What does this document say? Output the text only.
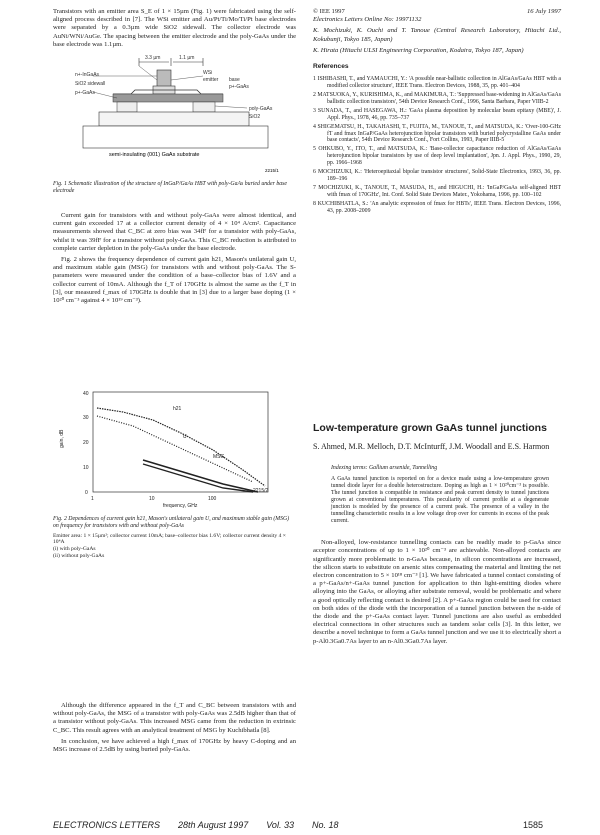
Transistors with an emitter area S_E of 1 × 15µm (Fig. 1) were fabricated using the self-aligned process described in [7]. The WSi emitter and Au/Pt/Ti/Mo/Ti/Pt base electrodes were separated by a 0.3µm wide SiO2 sidewall. The collector electrode was AuNi/WNi/AuGe. The spacing between the emitter electrode and the poly-GaAs under the base electrode was 1.1µm.

3.3 µm	1.1 µm
n+-InGaAs
SiO2 sidewall
p+-GaAs
WSi
emitter base
p+-GaAs
poly-GaAs
SiO2
semi-insulating (001) GaAs substrate
2215/1
Fig. 1 Schematic illustration of the structure of InGaP/GaAs HBT with poly-GaAs buried under base electrode

Current gain for transistors with and without poly-GaAs were almost identical, and current gain exceeded 17 at a collector current density of 4 × 10⁴ A/cm². Capacitance measurements showed that C_BC at zero bias was 34fF for a transistor with poly-GaAs, whilst it was 39fF for a transistor without poly-GaAs. This C_BC reduction is attributed to complete carrier depletion in the poly-GaAs under the base electrode.

Fig. 2 shows the frequency dependence of current gain h21, Mason's unilateral gain U, and maximum stable gain (MSG) for transistors with and without poly-GaAs. The S-parameters were measured under the condition of a base–collector bias of 1.6V and a collector current of 10mA. Although the f_T of 170GHz is almost the same as the f_T in [3], our measured f_max of 170GHz is double that in [3] due to a larger base doping (1 × 10²⁰ cm⁻³ against 4 × 10¹⁹ cm⁻³).

40
30
20
10
0
1	10	100
frequency, GHz
gain, dB
h21
U
MSG
2215/2
Fig. 2 Dependences of current gain h21, Mason's unilateral gain U, and maximum stable gain (MSG) on frequency for transistors with and without poly-GaAs
Emitter area: 1 × 15µm²; collector current 10mA; base–collector bias 1.6V; collector current density 4 × 10⁴A
(i) with poly-GaAs
(ii) without poly-GaAs

Although the difference appeared in the f_T and C_BC between transistors with and without poly-GaAs, the MSG of a transistor with poly-GaAs was 2.5dB higher than that of a transistor without poly-GaAs. This increased MSG came from the reduction in extrinsic C_BC. This result agrees with an analytical treatment of MSG by Kuchibhatla [8].

In conclusion, we have achieved a high f_max of 170GHz by heavy C-doping and an MSG increase of 2.5dB by using buried poly-GaAs.

© IEE 1997	16 July 1997

Electronics Letters Online No: 19971132

K. Mochizuki, K. Ouchi and T. Tanoue (Central Research Laboratory, Hitachi Ltd., Kokubunji, Tokyo 185, Japan)

K. Hirata (Hitachi ULSI Engineering Corporation, Kodaira, Tokyo 187, Japan)

References

1 ISHIBASHI, T., and YAMAUCHI, Y.: 'A possible near-ballistic collection in AlGaAs/GaAs HBT with a modified collector structure', IEEE Trans. Electron Devices, 1988, 35, pp. 401–404
2 MATSUOKA, Y., KURISHIMA, K., and MAKIMURA, T.: 'Suppressed base-widening in AlGaAs/GaAs ballistic collection transistors', 54th Device Research Conf., 1996, Santa Barbara, Paper VIIB-2
3 SUNADA, T., and HASEGAWA, H.: 'GaAs plasma deposition by molecular beam epitaxy (MBE)', J. Appl. Phys., 1978, 46, pp. 735–737
4 SHIGEMATSU, H., TAKAHASHI, T., FUJITA, M., TANOUE, T., and MATSUDA, K.: 'Over-100-GHz fT and fmax InGaP/GaAs heterojunction bipolar transistors with buried polycrystalline GaAs under base contacts', 54th Device Research Conf., Fort Collins, 1993, Paper IIIB-5
5 OHKUBO, Y., ITO, T., and MATSUDA, K.: 'Base-collector capacitance reduction of AlGaAs/GaAs heterojunction bipolar transistors by use of deep level implantation', Jpn. J. Appl. Phys., 1990, 29, pp. 1966–1968
6 MOCHIZUKI, K.: 'Heteroepitaxial bipolar transistor structures', Solid-State Electronics, 1993, 36, pp. 189–196
7 MOCHIZUKI, K., TANOUE, T., MASUDA, H., and HIGUCHI, H.: 'InGaP/GaAs self-aligned HBT with fmax of 170GHz', Int. Conf. Solid State Devices Mater., Yokohama, 1996, pp. 100–102
8 KUCHIBHATLA, S.: 'An analytic expression of fmax for HBTs', IEEE Trans. Electron Devices, 1996, 43, pp. 2008–2009
Low-temperature grown GaAs tunnel junctions
S. Ahmed, M.R. Melloch, D.T. McInturff, J.M. Woodall and E.S. Harmon
Indexing terms: Gallium arsenide, Tunnelling
A GaAs tunnel junction is reported on for a device made using a low-temperature grown tunnel diode layer for a double heterostructure. Doping as high as 1 × 10²⁰cm⁻³ is possible. The tunnel junction is compatible in resistance and peak current density to tunnel junctions grown at conventional temperatures. This peculiarity of current profile at a degenerate junction is modeled by the presence of a current peak. The presence of a valley in the tunnelling characteristic results in a low voltage drop over for currents in excess of the peak current.

Non-alloyed, low-resistance tunnelling contacts can be readily made to p-GaAs since acceptor concentrations of up to 1 × 10²⁰ cm⁻³ are achievable. Non-alloyed contacts are significantly more problematic to n-GaAs because, in silicon concentrations are increased, the silicon starts to substitute on arsenic sites compensating the material and limiting the net electron concentration to 5 × 10¹⁸ cm⁻³ [1]. We have fabricated a tunnel contact consisting of a p+-GaAs/n+-GaAs tunnel junction for application to thin light-emitting diodes where alloying into the GaAs, or alloying after substrate removal, would be problematic and where a good optically reflecting contact is desired [2]. A p+-GaAs region could be used for contact on both sides of the diode with the incorporation of a tunnel junction between the n-side of the diode and the p+-GaAs contact layer. Tunnel junctions are also useful as embedded electrical connections in other structures such as tandem solar cells [3]. In this letter, we describe a novel technique to form a GaAs tunnel junction and we use it to electrically short a p-Al0.3Ga0.7As layer to an n-Al0.3Ga0.7As layer.

ELECTRONICS LETTERS 28th August 1997 Vol. 33 No. 18	1585
